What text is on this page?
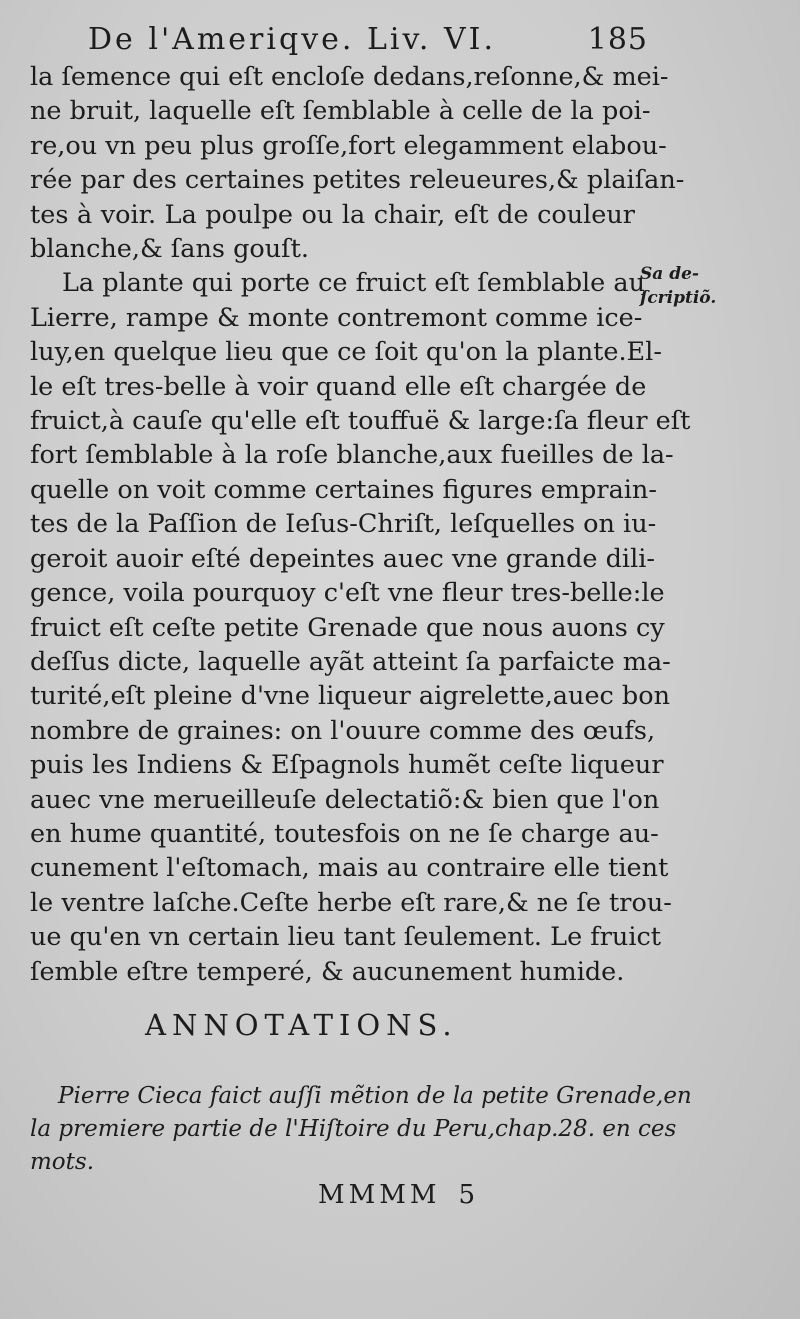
De l'Ameriqve. Liv. VI.	185
la ſemence qui eſt encloſe dedans,reſonne,& mei-
ne bruit, laquelle eſt ſemblable à celle de la poi-
re,ou vn peu plus groſſe,fort elegamment elabou-
rée par des certaines petites releueures,& plaiſan-
tes à voir. La poulpe ou la chair, eſt de couleur
blanche,& ſans gouſt.
La plante qui porte ce fruict eſt ſemblable au
Lierre, rampe & monte contremont comme ice-
luy,en quelque lieu que ce ſoit qu'on la plante.El-
le eſt tres-belle à voir quand elle eſt chargée de
fruict,à cauſe qu'elle eſt touffuë & large:ſa fleur eſt
fort ſemblable à la roſe blanche,aux fueilles de la-
quelle on voit comme certaines figures emprain-
tes de la Paſſion de Ieſus-Chriſt, leſquelles on iu-
geroit auoir eſté depeintes auec vne grande dili-
gence, voila pourquoy c'eſt vne fleur tres-belle:le
fruict eſt ceſte petite Grenade que nous auons cy
deſſus dicte, laquelle ayãt atteint ſa parfaicte ma-
turité,eſt pleine d'vne liqueur aigrelette,auec bon
nombre de graines: on l'ouure comme des œufs,
puis les Indiens & Eſpagnols humẽt ceſte liqueur
auec vne merueilleuſe delectatiõ:& bien que l'on
en hume quantité, toutesfois on ne ſe charge au-
cunement l'eſtomach, mais au contraire elle tient
le ventre laſche.Ceſte herbe eſt rare,& ne ſe trou-
ue qu'en vn certain lieu tant ſeulement. Le fruict
ſemble eſtre temperé, & aucunement humide.
Sa de-
ſcriptiõ.
ANNOTATIONS.
Pierre Cieca faict auſſi mẽtion de la petite Grenade,en
la premiere partie de l'Hiſtoire du Peru,chap.28. en ces
mots.
MMMM 5
